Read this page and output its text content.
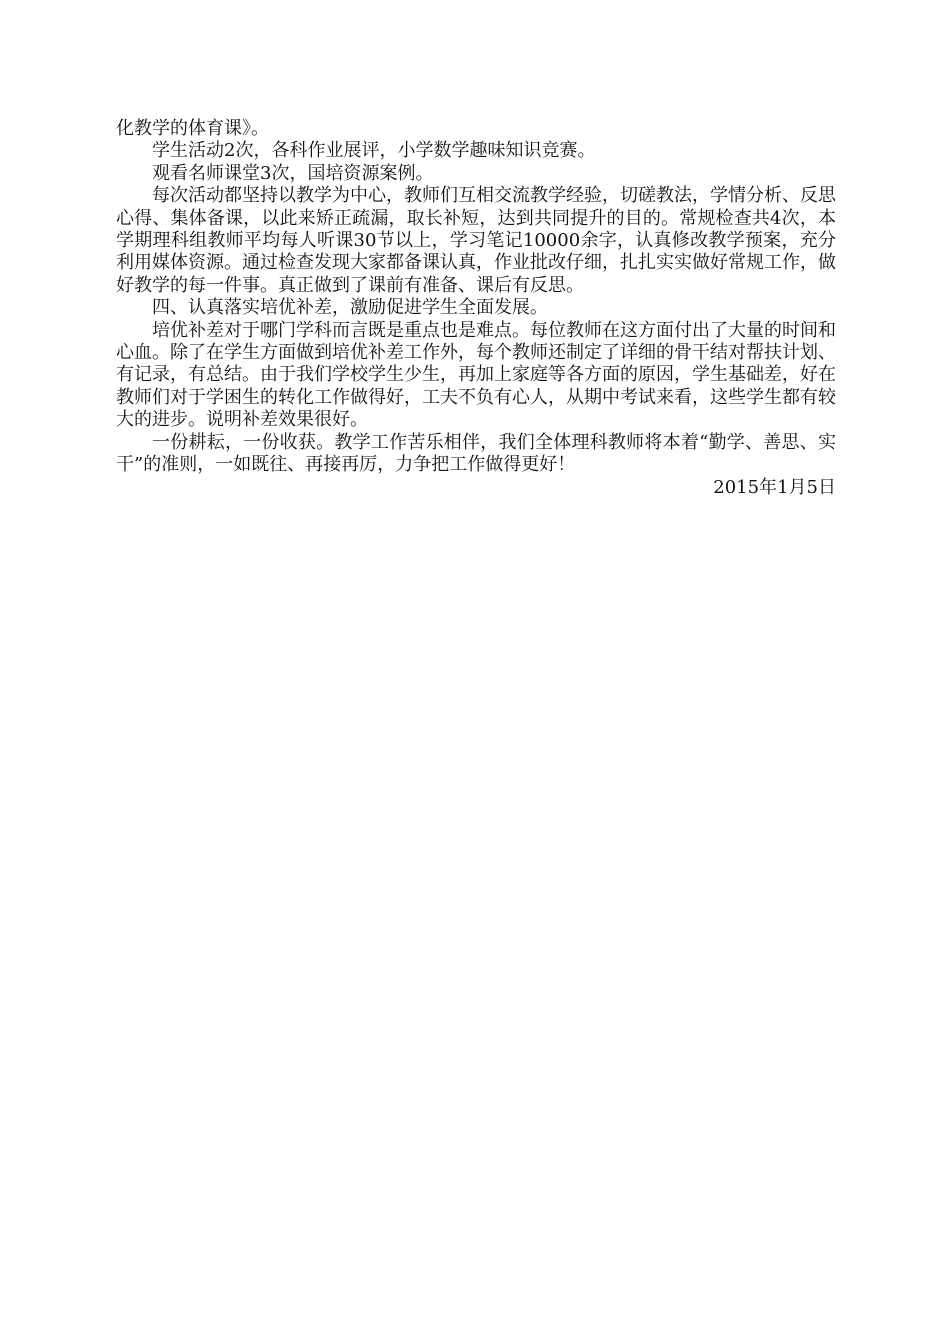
化教学的体育课》。

学生活动2次，各科作业展评，小学数学趣味知识竞赛。

观看名师课堂3次，国培资源案例。

每次活动都坚持以教学为中心，教师们互相交流教学经验，切磋教法，学情分析、反思心得、集体备课，以此来矫正疏漏，取长补短，达到共同提升的目的。常规检查共4次，本学期理科组教师平均每人听课30节以上，学习笔记10000余字，认真修改教学预案，充分利用媒体资源。通过检查发现大家都备课认真，作业批改仔细，扎扎实实做好常规工作，做好教学的每一件事。真正做到了课前有准备、课后有反思。

四、认真落实培优补差，激励促进学生全面发展。

培优补差对于哪门学科而言既是重点也是难点。每位教师在这方面付出了大量的时间和心血。除了在学生方面做到培优补差工作外，每个教师还制定了详细的骨干结对帮扶计划、有记录，有总结。由于我们学校学生少生，再加上家庭等各方面的原因，学生基础差，好在教师们对于学困生的转化工作做得好，工夫不负有心人，从期中考试来看，这些学生都有较大的进步。说明补差效果很好。

一份耕耘，一份收获。教学工作苦乐相伴，我们全体理科教师将本着“勤学、善思、实干”的准则，一如既往、再接再厉，力争把工作做得更好！

2015年1月5日
